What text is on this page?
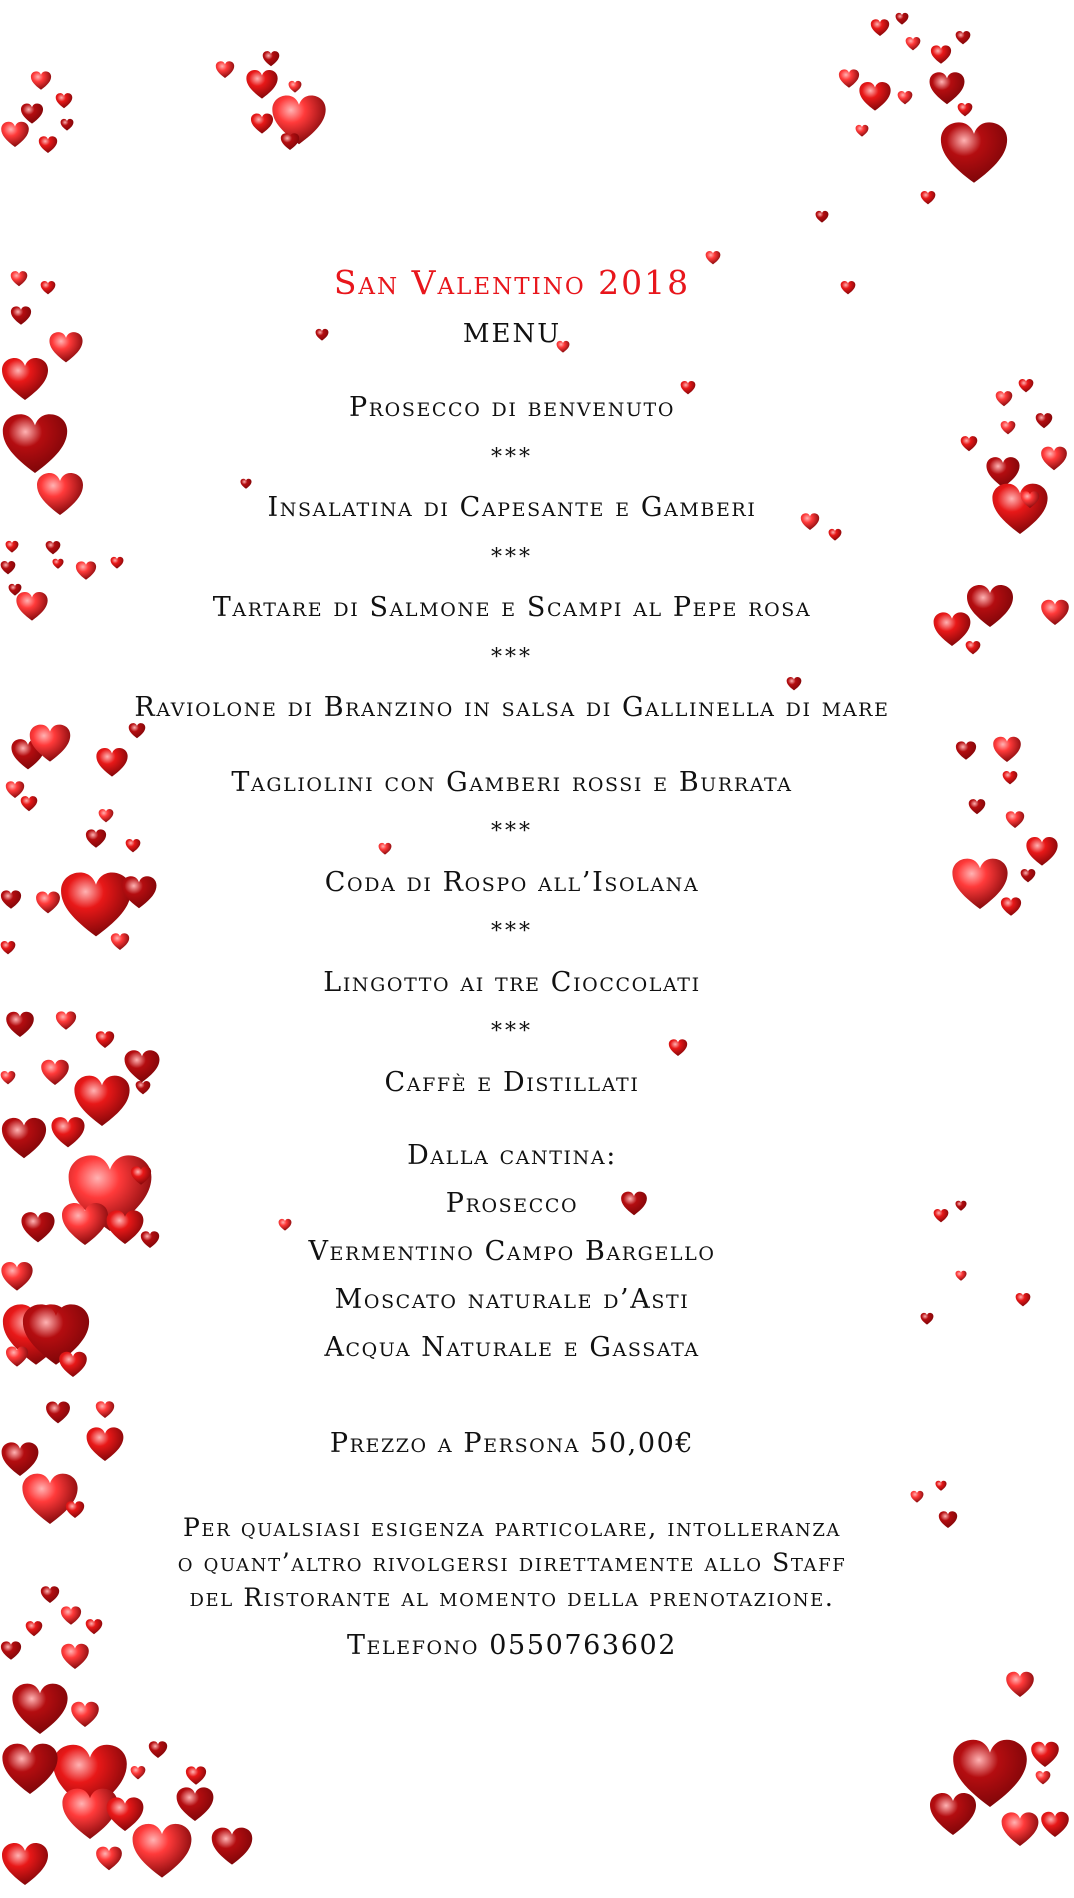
San Valentino 2018
MENU
Prosecco di benvenuto
***
Insalatina di Capesante e Gamberi
***
Tartare di Salmone e Scampi al Pepe rosa
***
Raviolone di Branzino in salsa di Gallinella di mare
Tagliolini con Gamberi rossi e Burrata
***
Coda di Rospo all’Isolana
***
Lingotto ai tre Cioccolati
***
Caffè e Distillati
Dalla cantina:
Prosecco
Vermentino Campo Bargello
Moscato naturale d’Asti
Acqua Naturale e Gassata
Prezzo a Persona 50,00€
Per qualsiasi esigenza particolare, intolleranza
o quant’altro rivolgersi direttamente allo Staff
del Ristorante al momento della prenotazione.
Telefono 0550763602
